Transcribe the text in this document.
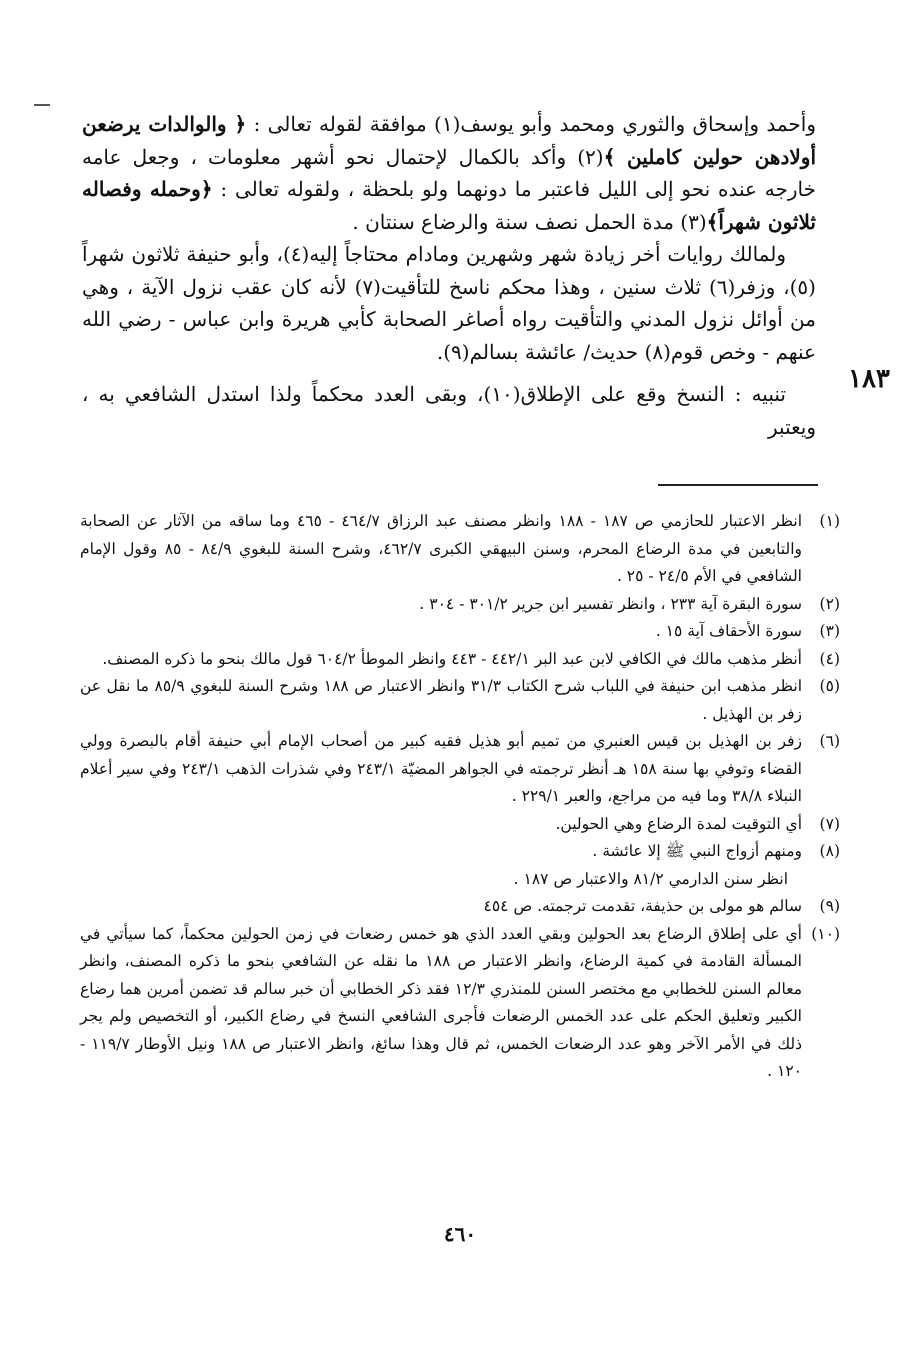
وأحمد وإسحاق والثوري ومحمد وأبو يوسف(١) موافقة لقوله تعالى : ﴿ والوالدات يرضعن أولادهن حولين كاملين ﴾(٢) وأكد بالكمال لإحتمال نحو أشهر معلومات ، وجعل عامه خارجه عنده نحو إلى الليل فاعتبر ما دونهما ولو بلحظة ، ولقوله تعالى : ﴿وحمله وفصاله ثلاثون شهراً﴾(٣) مدة الحمل نصف سنة والرضاع سنتان .

ولمالك روايات أخر زيادة شهر وشهرين ومادام محتاجاً إليه(٤)، وأبو حنيفة ثلاثون شهراً (٥)، وزفر(٦) ثلاث سنين ، وهذا محكم ناسخ للتأقيت(٧) لأنه كان عقب نزول الآية ، وهي من أوائل نزول المدني والتأقيت رواه أصاغر الصحابة كأبي هريرة وابن عباس - رضي الله عنهم - وخص قوم(٨) حديث/ عائشة بسالم(٩).

تنبيه : النسخ وقع على الإطلاق(١٠)، وبقى العدد محكماً ولذا استدل الشافعي به ، ويعتبر

١٨٣
(١)
انظر الاعتبار للحازمي ص ١٨٧ - ١٨٨ وانظر مصنف عبد الرزاق ٤٦٤/٧ - ٤٦٥ وما ساقه من الآثار عن الصحابة والتابعين في مدة الرضاع المحرم، وسنن البيهقي الكبرى ٤٦٢/٧، وشرح السنة للبغوي ٨٤/٩ - ٨٥ وقول الإمام الشافعي في الأم ٢٤/٥ - ٢٥ .
(٢)
سورة البقرة آية ٢٣٣ ، وانظر تفسير ابن جرير ٣٠١/٢ - ٣٠٤ .
(٣)
سورة الأحقاف آية ١٥ .
(٤)
أنظر مذهب مالك في الكافي لابن عبد البر ٤٤٢/١ - ٤٤٣ وانظر الموطأ ٦٠٤/٢ قول مالك بنحو ما ذكره المصنف.
(٥)
انظر مذهب ابن حنيفة في اللباب شرح الكتاب ٣١/٣ وانظر الاعتبار ص ١٨٨ وشرح السنة للبغوي ٨٥/٩ ما نقل عن زفر بن الهذيل .
(٦)
زفر بن الهذيل بن قيس العنبري من تميم أبو هذيل فقيه كبير من أصحاب الإمام أبي حنيفة أقام بالبصرة وولي القضاء وتوفي بها سنة ١٥٨ هـ أنظر ترجمته في الجواهر المضيّة ٢٤٣/١ وفي شذرات الذهب ٢٤٣/١ وفي سير أعلام النبلاء ٣٨/٨ وما فيه من مراجع، والعبر ٢٢٩/١ .
(٧)
أي التوقيت لمدة الرضاع وهي الحولين.
(٨)
ومنهم أزواج النبي ﷺ إلا عائشة .
انظر سنن الدارمي ٨١/٢ والاعتبار ص ١٨٧ .
(٩)
سالم هو مولى بن حذيفة، تقدمت ترجمته. ص ٤٥٤
(١٠)
أي على إطلاق الرضاع بعد الحولين وبقي العدد الذي هو خمس رضعات في زمن الحولين محكماً، كما سيأتي في المسألة القادمة في كمية الرضاع، وانظر الاعتبار ص ١٨٨ ما نقله عن الشافعي بنحو ما ذكره المصنف، وانظر معالم السنن للخطابي مع مختصر السنن للمنذري ١٢/٣ فقد ذكر الخطابي أن خبر سالم قد تضمن أمرين هما رضاع الكبير وتعليق الحكم على عدد الخمس الرضعات فأجرى الشافعي النسخ في رضاع الكبير، أو التخصيص ولم يجر ذلك في الأمر الآخر وهو عدد الرضعات الخمس، ثم قال وهذا سائغ، وانظر الاعتبار ص ١٨٨ ونيل الأوطار ١١٩/٧ - ١٢٠ .
٤٦٠
